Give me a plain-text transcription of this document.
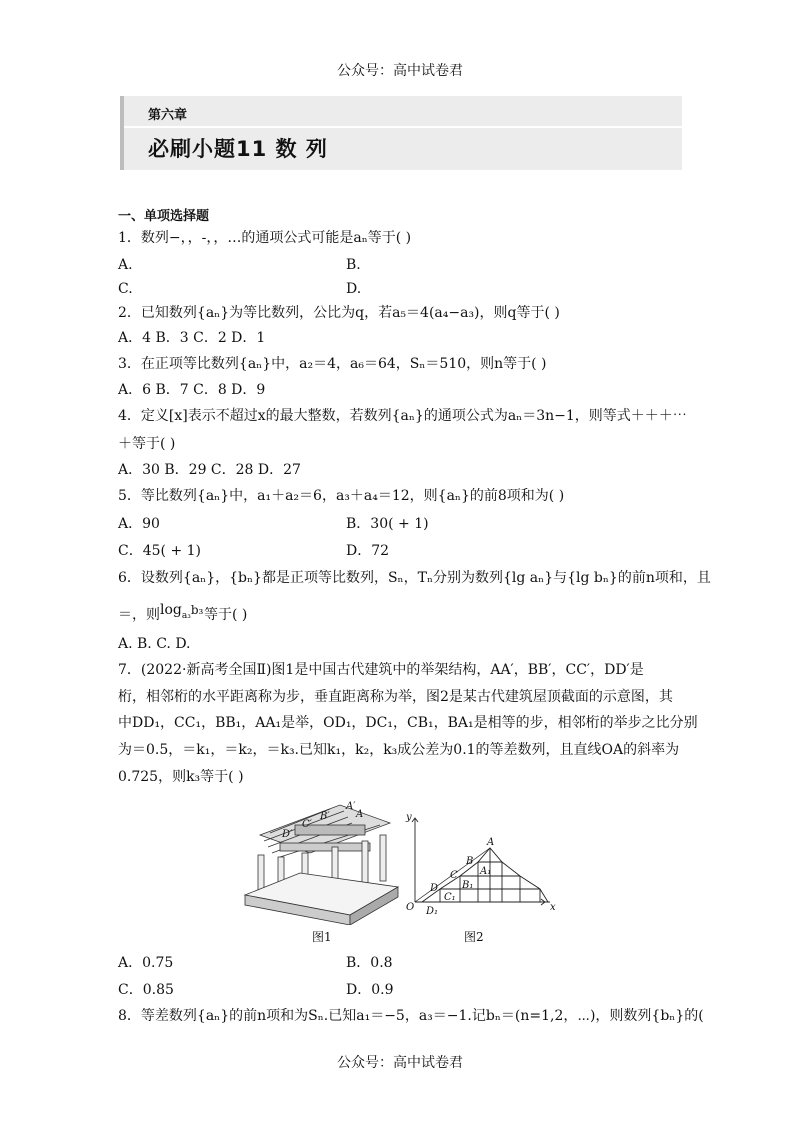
公众号：高中试卷君
第六章
必刷小题11 数 列
一、单项选择题
1．数列−，，-，，…的通项公式可能是aₙ等于( )
A.	B.
C.	D.
2．已知数列{aₙ}为等比数列，公比为q，若a₅＝4(a₄−a₃)，则q等于( )
A．4 B．3 C．2 D．1
3．在正项等比数列{aₙ}中，a₂＝4，a₆＝64，Sₙ＝510，则n等于( )
A．6 B．7 C．8 D．9
4．定义[x]表示不超过x的最大整数，若数列{aₙ}的通项公式为aₙ＝3n−1，则等式＋＋＋⋯
＋等于( )
A．30 B．29 C．28 D．27
5．等比数列{aₙ}中，a₁＋a₂＝6，a₃＋a₄＝12，则{aₙ}的前8项和为( )
A．90	B．30( + 1)
C．45( + 1)	D．72
6．设数列{aₙ}，{bₙ}都是正项等比数列，Sₙ，Tₙ分别为数列{lg aₙ}与{lg bₙ}的前n项和，且
＝，则 $\log_{a_3b_3}$ 等于( )
A. B. C. D.
7．(2022·新高考全国Ⅱ)图1是中国古代建筑中的举架结构，AA′，BB′，CC′，DD′是
桁，相邻桁的水平距离称为步，垂直距离称为举，图2是某古代建筑屋顶截面的示意图，其
中DD₁，CC₁，BB₁，AA₁是举，OD₁，DC₁，CB₁，BA₁是相等的步，相邻桁的举步之比分别
为＝0.5，＝k₁，＝k₂，＝k₃.已知k₁，k₂，k₃成公差为0.1的等差数列，且直线OA的斜率为
0.725，则k₃等于( )
A′
A
B′
C′
D′
图1
y
x
O
A
B
C
D
A₁
B₁
C₁
D₁
图2
A．0.75	B．0.8
C．0.85	D．0.9
8．等差数列{aₙ}的前n项和为Sₙ.已知a₁＝−5，a₃＝−1.记bₙ＝(n=1,2，⋯)，则数列{bₙ}的(
公众号：高中试卷君
